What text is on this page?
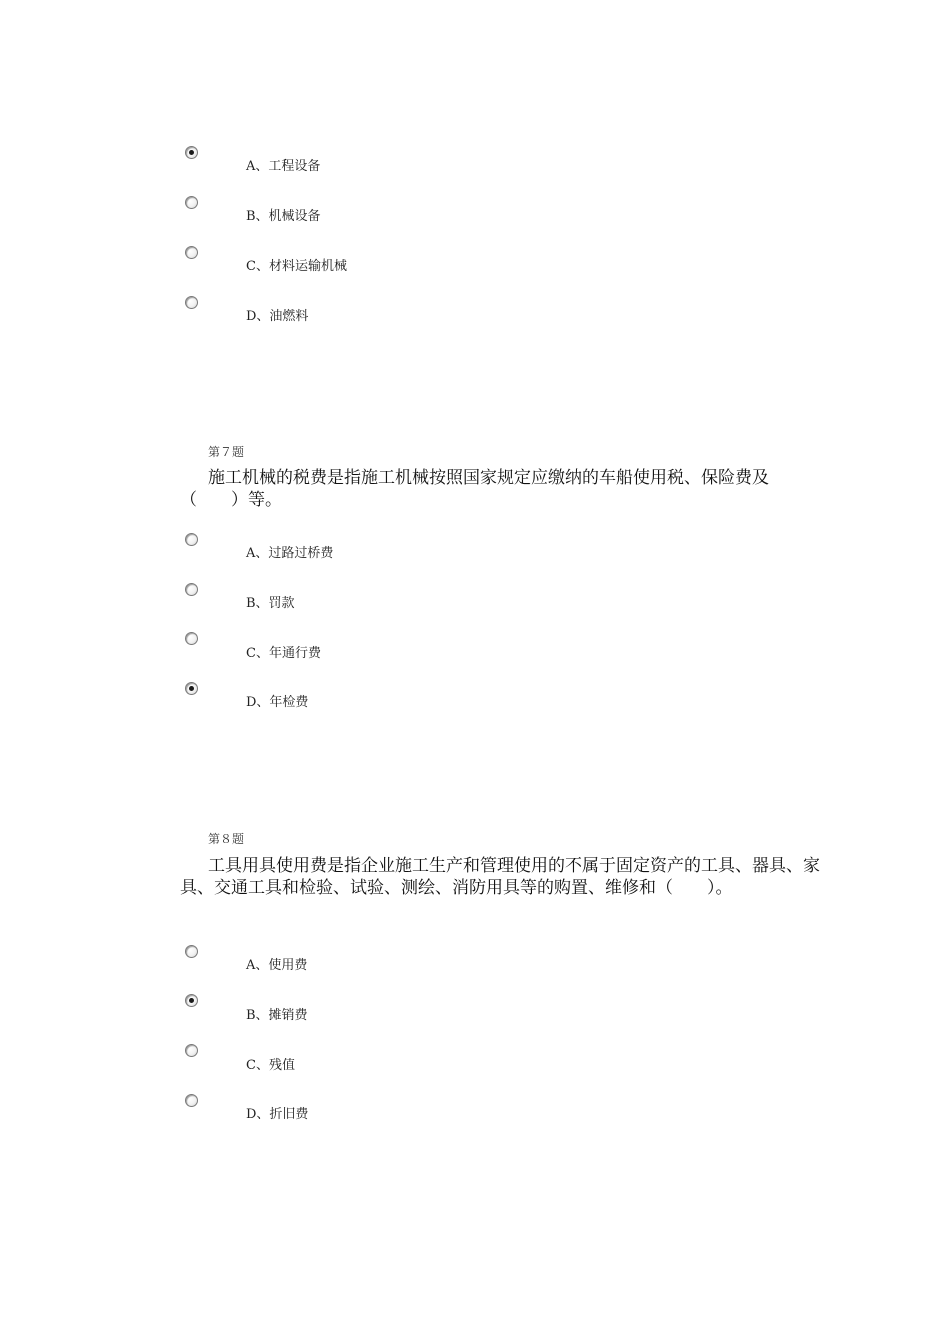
A、工程设备
B、机械设备
C、材料运输机械
D、油燃料
第７题

施工机械的税费是指施工机械按照国家规定应缴纳的车船使用税、保险费及（　　）等。

A、过路过桥费
B、罚款
C、年通行费
D、年检费
第８题

工具用具使用费是指企业施工生产和管理使用的不属于固定资产的工具、器具、家具、交通工具和检验、试验、测绘、消防用具等的购置、维修和（　　）。

A、使用费
B、摊销费
C、残值
D、折旧费
